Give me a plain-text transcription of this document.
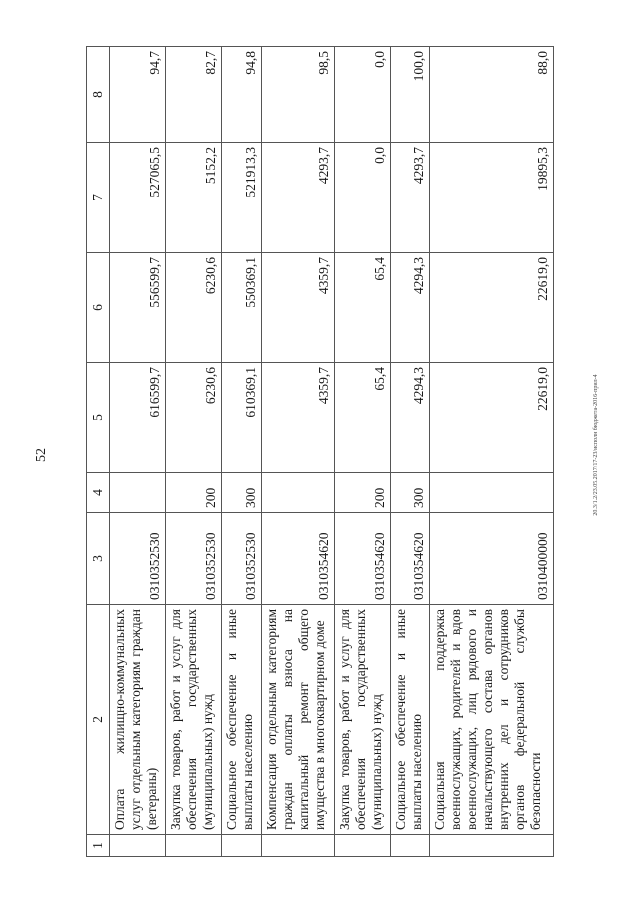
52	20.3/1.2/23.05.2017/17-23/исполн бюджета-2016-прил-4
1	2	3	4	5	6	7	8
	Оплата жилищно-коммунальных услуг отдельным категориям граждан (ветераны)	0310352530		616599,7	556599,7	527065,5	94,7
	Закупка товаров, работ и услуг для обеспечения государственных (муниципальных) нужд	0310352530	200	6230,6	6230,6	5152,2	82,7
	Социальное обеспечение и иные выплаты населению	0310352530	300	610369,1	550369,1	521913,3	94,8
	Компенсация отдельным категориям граждан оплаты взноса на капитальный ремонт общего имущества в многоквартирном доме	0310354620		4359,7	4359,7	4293,7	98,5
	Закупка товаров, работ и услуг для обеспечения государственных (муниципальных) нужд	0310354620	200	65,4	65,4	0,0	0,0
	Социальное обеспечение и иные выплаты населению	0310354620	300	4294,3	4294,3	4293,7	100,0
	Социальная поддержка военнослужащих, родителей и вдов военнослужащих, лиц рядового и начальствующего состава органов внутренних дел и сотрудников органов федеральной службы безопасности	0310400000		22619,0	22619,0	19895,3	88,0
